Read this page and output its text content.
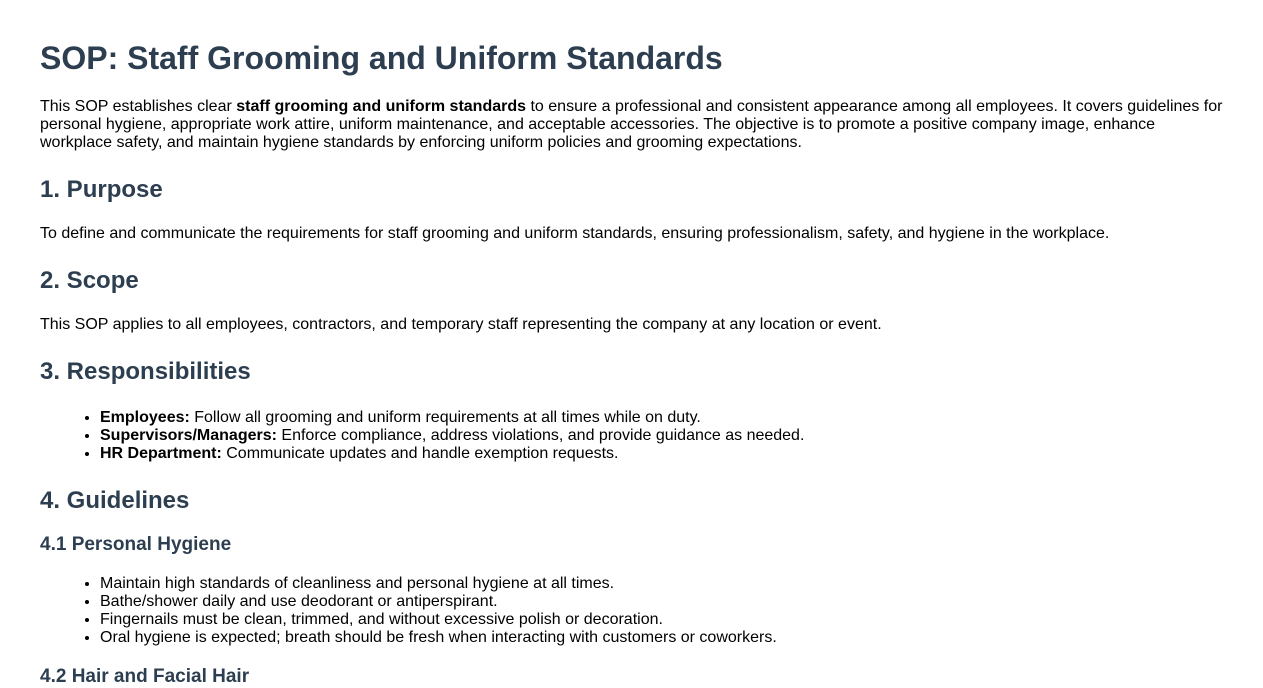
SOP: Staff Grooming and Uniform Standards

This SOP establishes clear staff grooming and uniform standards to ensure a professional and consistent appearance among all employees. It covers guidelines for personal hygiene, appropriate work attire, uniform maintenance, and acceptable accessories. The objective is to promote a positive company image, enhance workplace safety, and maintain hygiene standards by enforcing uniform policies and grooming expectations.

1. Purpose

To define and communicate the requirements for staff grooming and uniform standards, ensuring professionalism, safety, and hygiene in the workplace.

2. Scope

This SOP applies to all employees, contractors, and temporary staff representing the company at any location or event.

3. Responsibilities
• Employees: Follow all grooming and uniform requirements at all times while on duty.
• Supervisors/Managers: Enforce compliance, address violations, and provide guidance as needed.
• HR Department: Communicate updates and handle exemption requests.
4. Guidelines
4.1 Personal Hygiene
• Maintain high standards of cleanliness and personal hygiene at all times.
• Bathe/shower daily and use deodorant or antiperspirant.
• Fingernails must be clean, trimmed, and without excessive polish or decoration.
• Oral hygiene is expected; breath should be fresh when interacting with customers or coworkers.
4.2 Hair and Facial Hair
